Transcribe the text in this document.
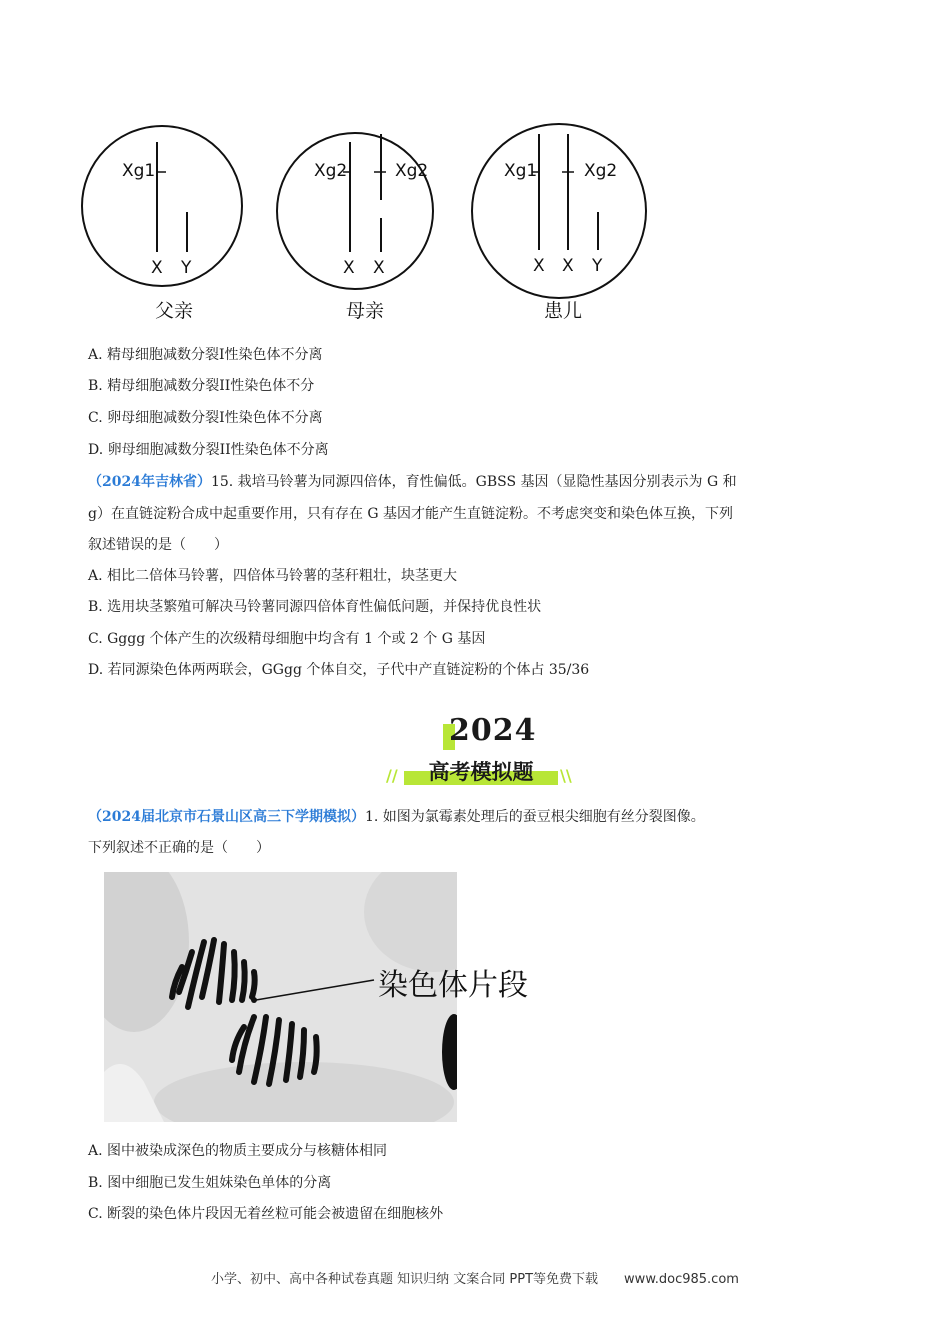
Xg1
X Y
父亲
Xg2	Xg2
X X
母亲
Xg1	Xg2
X X Y
患儿
A. 精母细胞减数分裂I性染色体不分离
B. 精母细胞减数分裂II性染色体不分
C. 卵母细胞减数分裂I性染色体不分离
D. 卵母细胞减数分裂II性染色体不分离
（2024年吉林省）15. 栽培马铃薯为同源四倍体，育性偏低。GBSS 基因（显隐性基因分别表示为 G 和
g）在直链淀粉合成中起重要作用，只有存在 G 基因才能产生直链淀粉。不考虑突变和染色体互换，下列
叙述错误的是（　　）
A. 相比二倍体马铃薯，四倍体马铃薯的茎秆粗壮，块茎更大
B. 选用块茎繁殖可解决马铃薯同源四倍体育性偏低问题，并保持优良性状
C. Gggg 个体产生的次级精母细胞中均含有 1 个或 2 个 G 基因
D. 若同源染色体两两联会，GGgg 个体自交，子代中产直链淀粉的个体占 35/36
2024
//	高考模拟题	\\
（2024届北京市石景山区高三下学期模拟）1. 如图为氯霉素处理后的蚕豆根尖细胞有丝分裂图像。
下列叙述不正确的是（　　）
染色体片段
A. 图中被染成深色的物质主要成分与核糖体相同
B. 图中细胞已发生姐妹染色单体的分离
C. 断裂的染色体片段因无着丝粒可能会被遗留在细胞核外
小学、初中、高中各种试卷真题 知识归纳 文案合同 PPT等免费下载　　www.doc985.com
